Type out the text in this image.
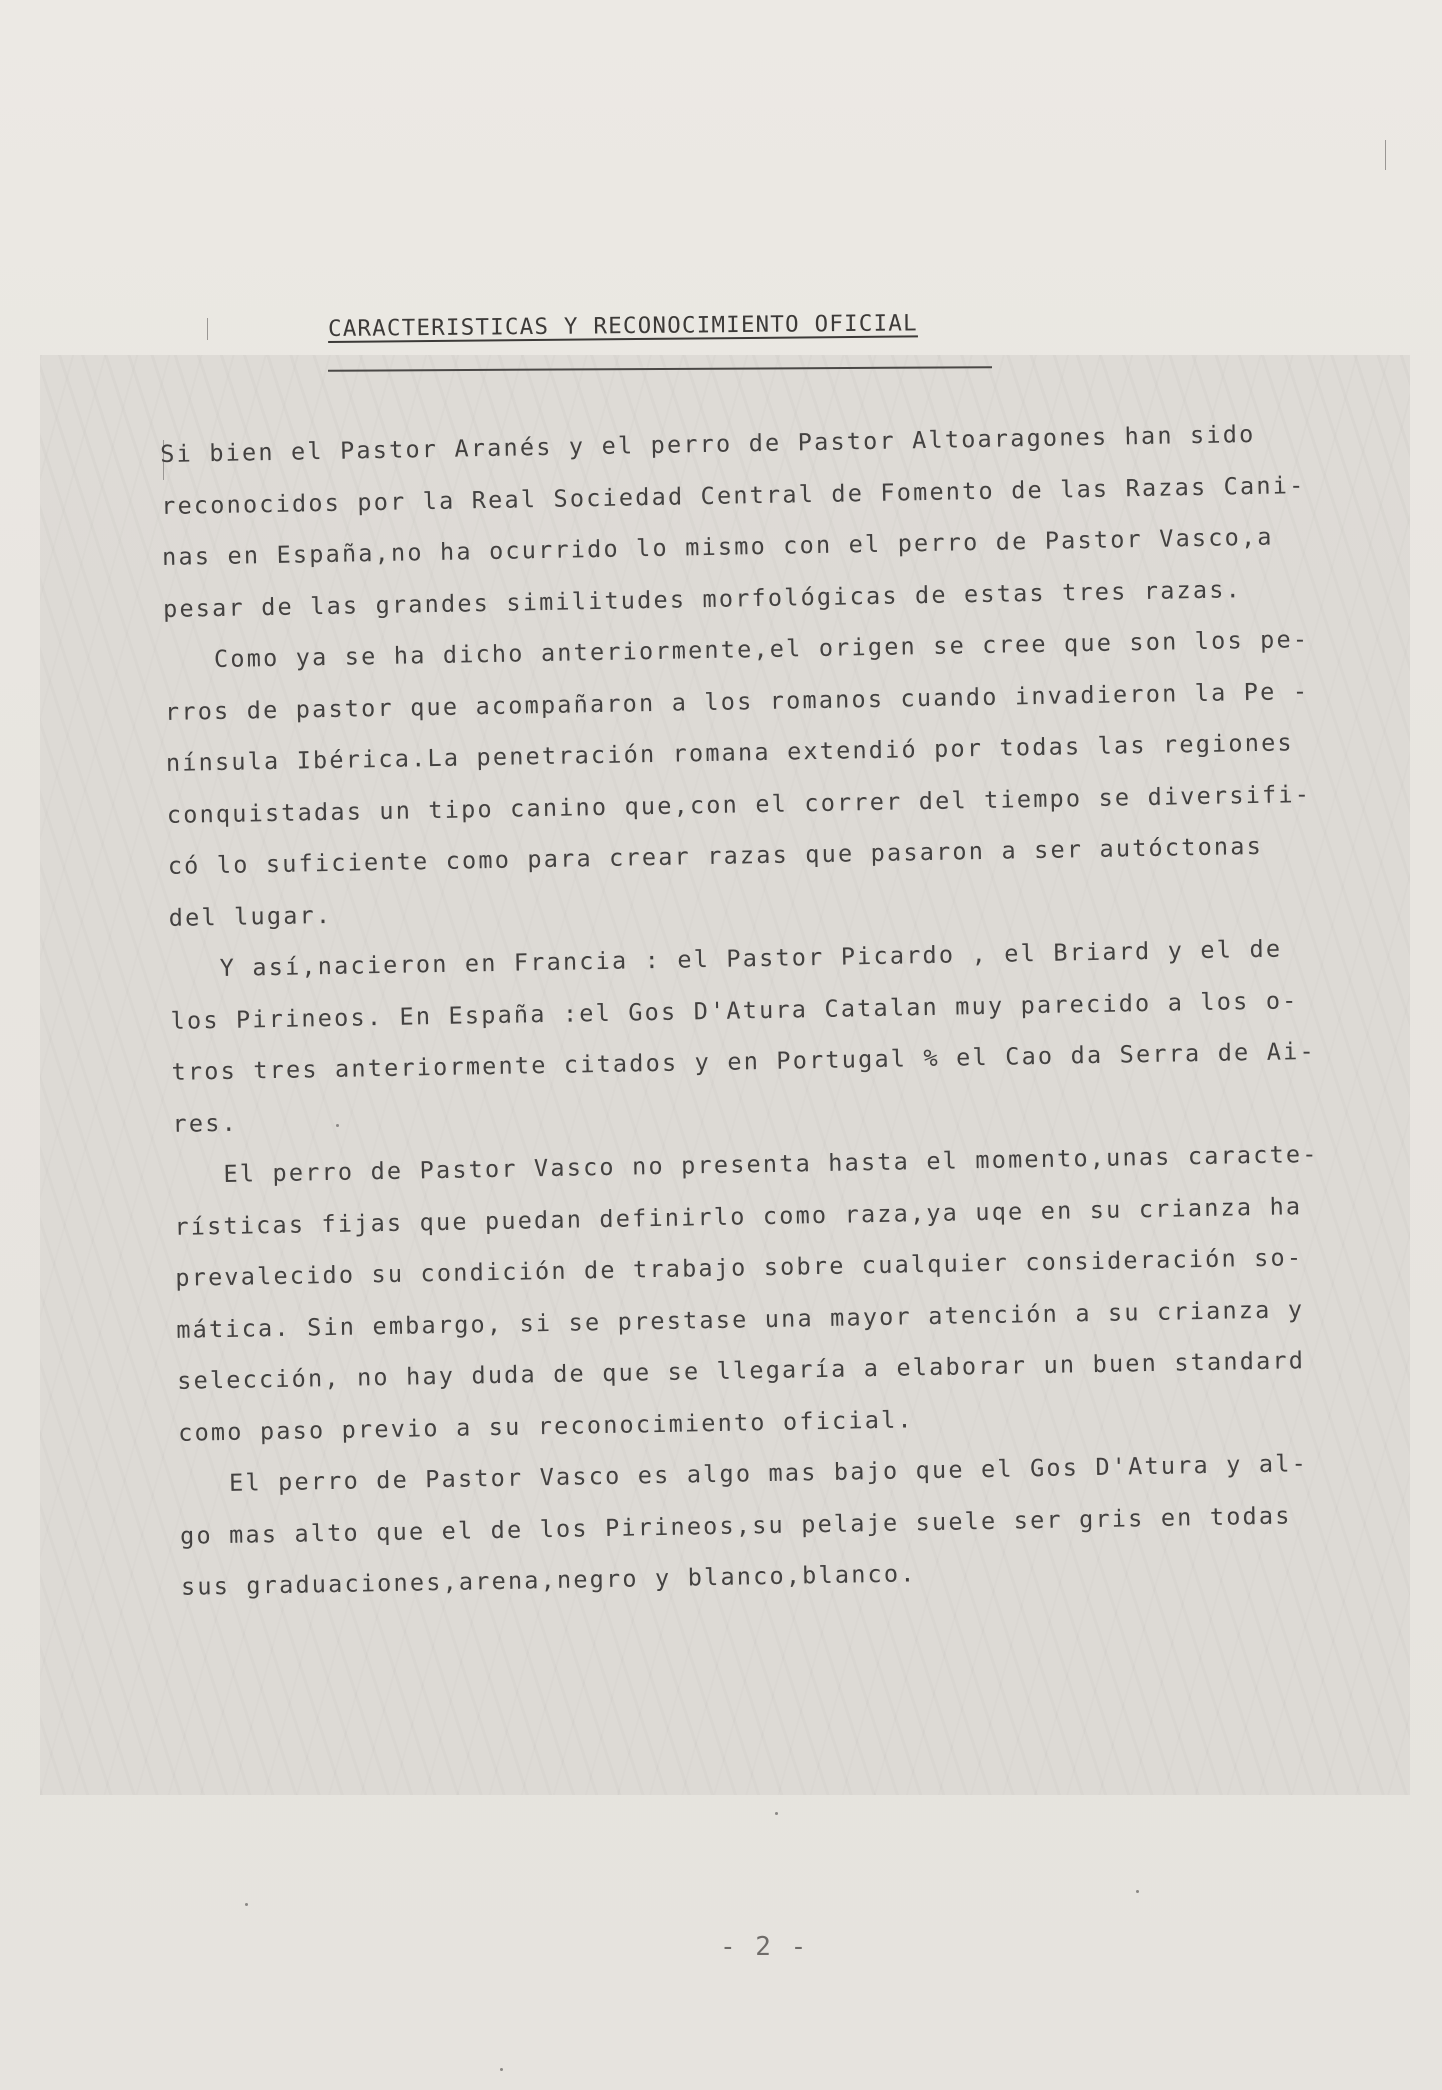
CARACTERISTICAS Y RECONOCIMIENTO OFICIAL
Si bien el Pastor Aranés y el perro de Pastor Altoaragones han sido
reconocidos por la Real Sociedad Central de Fomento de las Razas Cani-
nas en España,no ha ocurrido lo mismo con el perro de Pastor Vasco,a
pesar de las grandes similitudes morfológicas de estas tres razas.
Como ya se ha dicho anteriormente,el origen se cree que son los pe-
rros de pastor que acompañaron a los romanos cuando invadieron la Pe -
nínsula Ibérica.La penetración romana extendió por todas las regiones
conquistadas un tipo canino que,con el correr del tiempo se diversifi-
có lo suficiente como para crear razas que pasaron a ser autóctonas
del lugar.
Y así,nacieron en Francia : el Pastor Picardo , el Briard y el de
los Pirineos. En España :el Gos D'Atura Catalan muy parecido a los o-
tros tres anteriormente citados y en Portugal % el Cao da Serra de Ai-
res.
El perro de Pastor Vasco no presenta hasta el momento,unas caracte-
rísticas fijas que puedan definirlo como raza,ya uqe en su crianza ha
prevalecido su condición de trabajo sobre cualquier consideración so-
mática. Sin embargo, si se prestase una mayor atención a su crianza y
selección, no hay duda de que se llegaría a elaborar un buen standard
como paso previo a su reconocimiento oficial.
El perro de Pastor Vasco es algo mas bajo que el Gos D'Atura y al-
go mas alto que el de los Pirineos,su pelaje suele ser gris en todas
sus graduaciones,arena,negro y blanco,blanco.
- 2 -
